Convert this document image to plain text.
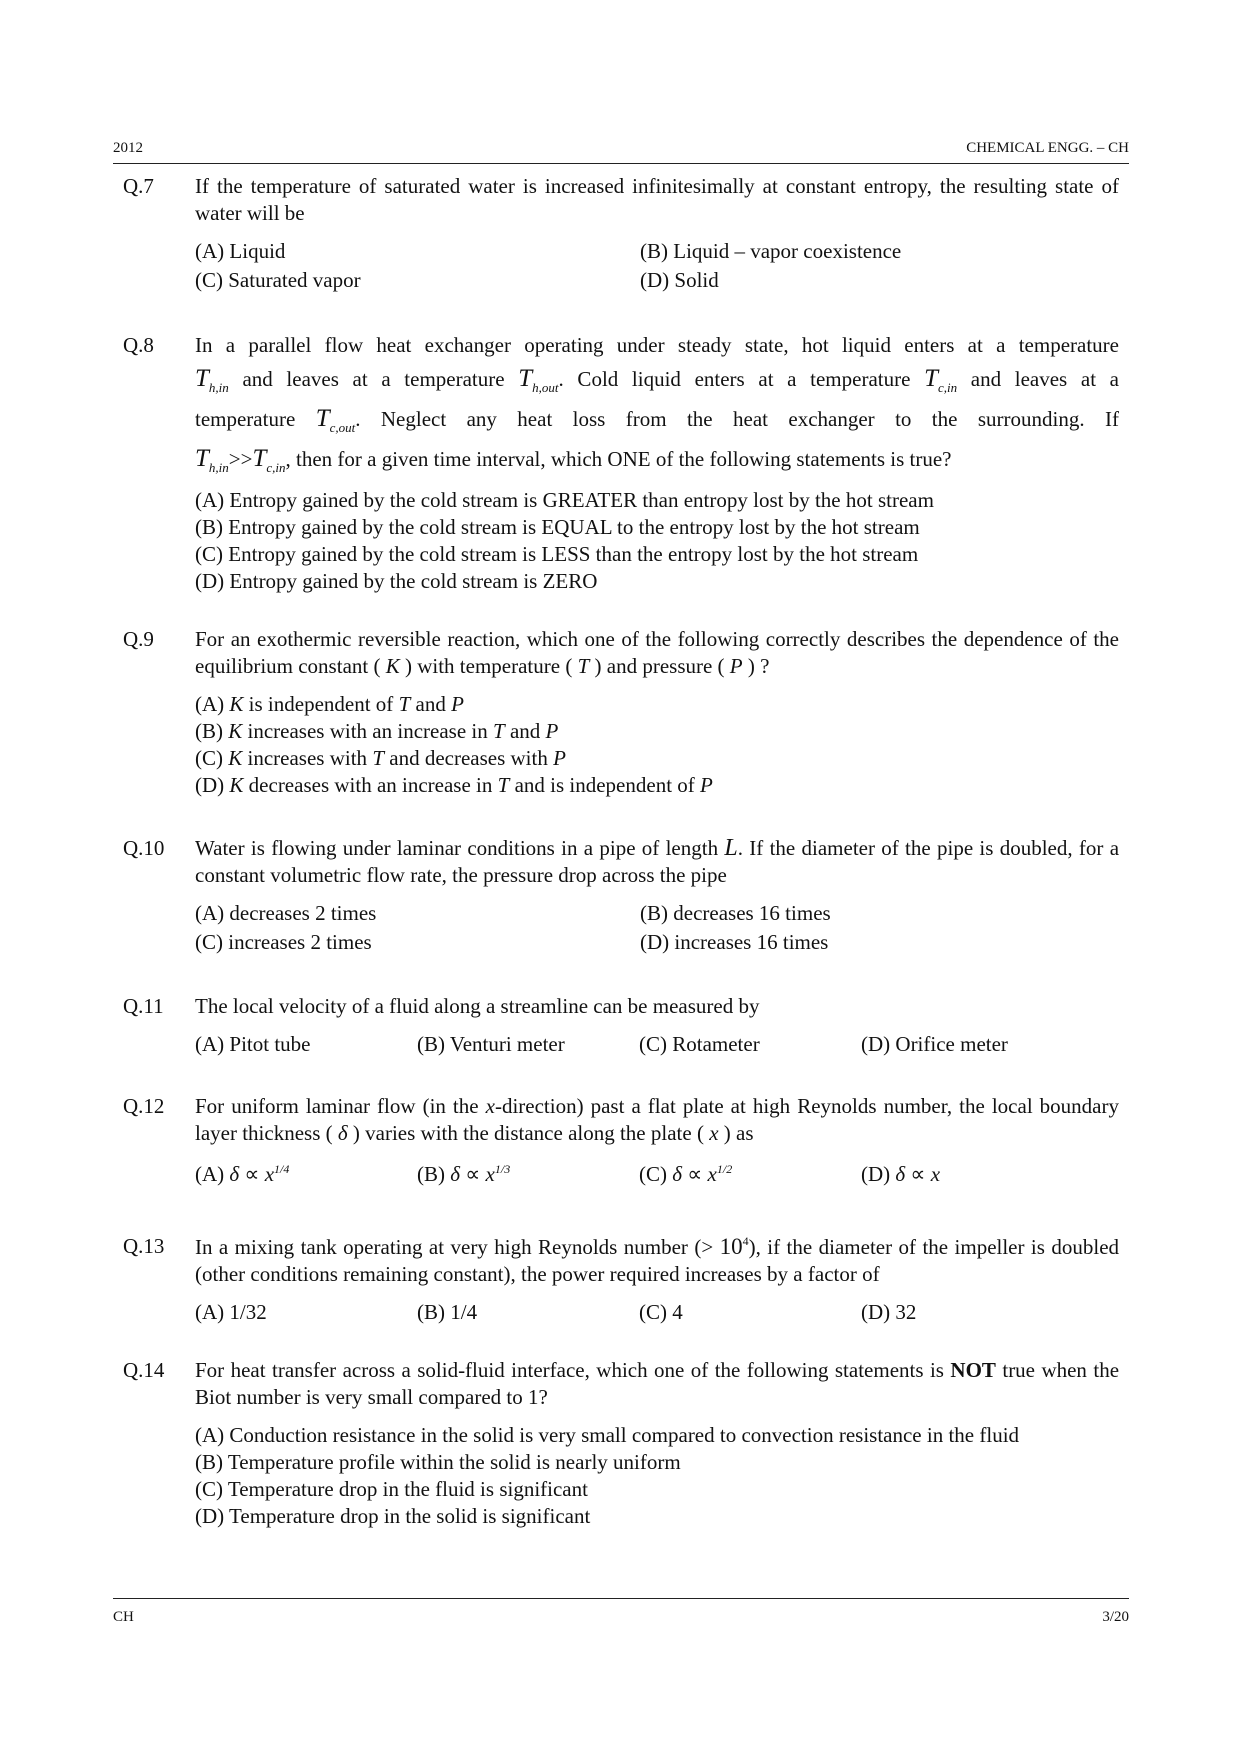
2012	CHEMICAL ENGG. – CH
Q.7 If the temperature of saturated water is increased infinitesimally at constant entropy, the resulting state of water will be
(A) Liquid	(B) Liquid – vapor coexistence
(C) Saturated vapor	(D) Solid
Q.8 In a parallel flow heat exchanger operating under steady state, hot liquid enters at a temperature
$T_{h,in}$ and leaves at a temperature $T_{h,out}$. Cold liquid enters at a temperature $T_{c,in}$ and leaves at a
temperature $T_{c,out}$. Neglect any heat loss from the heat exchanger to the surrounding. If
$T_{h,in}>>T_{c,in}$, then for a given time interval, which ONE of the following statements is true?
(A) Entropy gained by the cold stream is GREATER than entropy lost by the hot stream
(B) Entropy gained by the cold stream is EQUAL to the entropy lost by the hot stream
(C) Entropy gained by the cold stream is LESS than the entropy lost by the hot stream
(D) Entropy gained by the cold stream is ZERO
Q.9 For an exothermic reversible reaction, which one of the following correctly describes the dependence of the equilibrium constant ( K ) with temperature ( T ) and pressure ( P ) ?
(A) K is independent of T and P
(B) K increases with an increase in T and P
(C) K increases with T and decreases with P
(D) K decreases with an increase in T and is independent of P
Q.10 Water is flowing under laminar conditions in a pipe of length L. If the diameter of the pipe is doubled, for a constant volumetric flow rate, the pressure drop across the pipe
(A) decreases 2 times	(B) decreases 16 times
(C) increases 2 times	(D) increases 16 times
Q.11 The local velocity of a fluid along a streamline can be measured by
(A) Pitot tube	(B) Venturi meter	(C) Rotameter	(D) Orifice meter
Q.12 For uniform laminar flow (in the x-direction) past a flat plate at high Reynolds number, the local boundary layer thickness ( δ ) varies with the distance along the plate ( x ) as
(A) $\delta \propto x^{1/4}$	(B) $\delta \propto x^{1/3}$	(C) $\delta \propto x^{1/2}$	(D) δ ∝ x
Q.13 In a mixing tank operating at very high Reynolds number (> $10^4$), if the diameter of the impeller is doubled (other conditions remaining constant), the power required increases by a factor of
(A) 1/32	(B) 1/4	(C) 4	(D) 32
Q.14 For heat transfer across a solid-fluid interface, which one of the following statements is NOT true when the Biot number is very small compared to 1?
(A) Conduction resistance in the solid is very small compared to convection resistance in the fluid
(B) Temperature profile within the solid is nearly uniform
(C) Temperature drop in the fluid is significant
(D) Temperature drop in the solid is significant
CH	3/20
